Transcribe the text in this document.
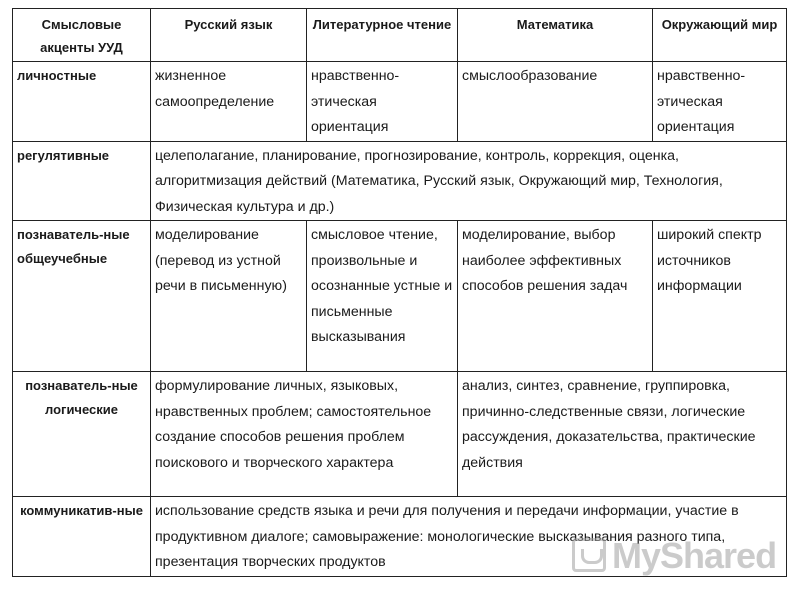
Смысловые акценты УУД	Русский язык	Литературное чтение	Математика	Окружающий мир
личностные	жизненное самоопределение	нравственно-этическая ориентация	смыслообразование	нравственно-этическая ориентация
регулятивные	целеполагание, планирование, прогнозирование, контроль, коррекция, оценка, алгоритмизация действий (Математика, Русский язык, Окружающий мир, Технология, Физическая культура и др.)			
познаватель-ные общеучебные	моделирование (перевод из устной речи в письменную)	смысловое чтение, произвольные и осознанные устные и письменные высказывания	моделирование, выбор наиболее эффективных способов решения задач	широкий спектр источников информации
познаватель-ные логические	формулирование личных, языковых, нравственных проблем; самостоятельное создание способов решения проблем поискового и творческого характера		анализ, синтез, сравнение, группировка, причинно-следственные связи, логические рассуждения, доказательства, практические действия	
коммуникатив-ные	использование средств языка и речи для получения и передачи информации, участие в продуктивном диалоге; самовыражение: монологические высказывания разного типа, презентация творческих продуктов				MyShared
